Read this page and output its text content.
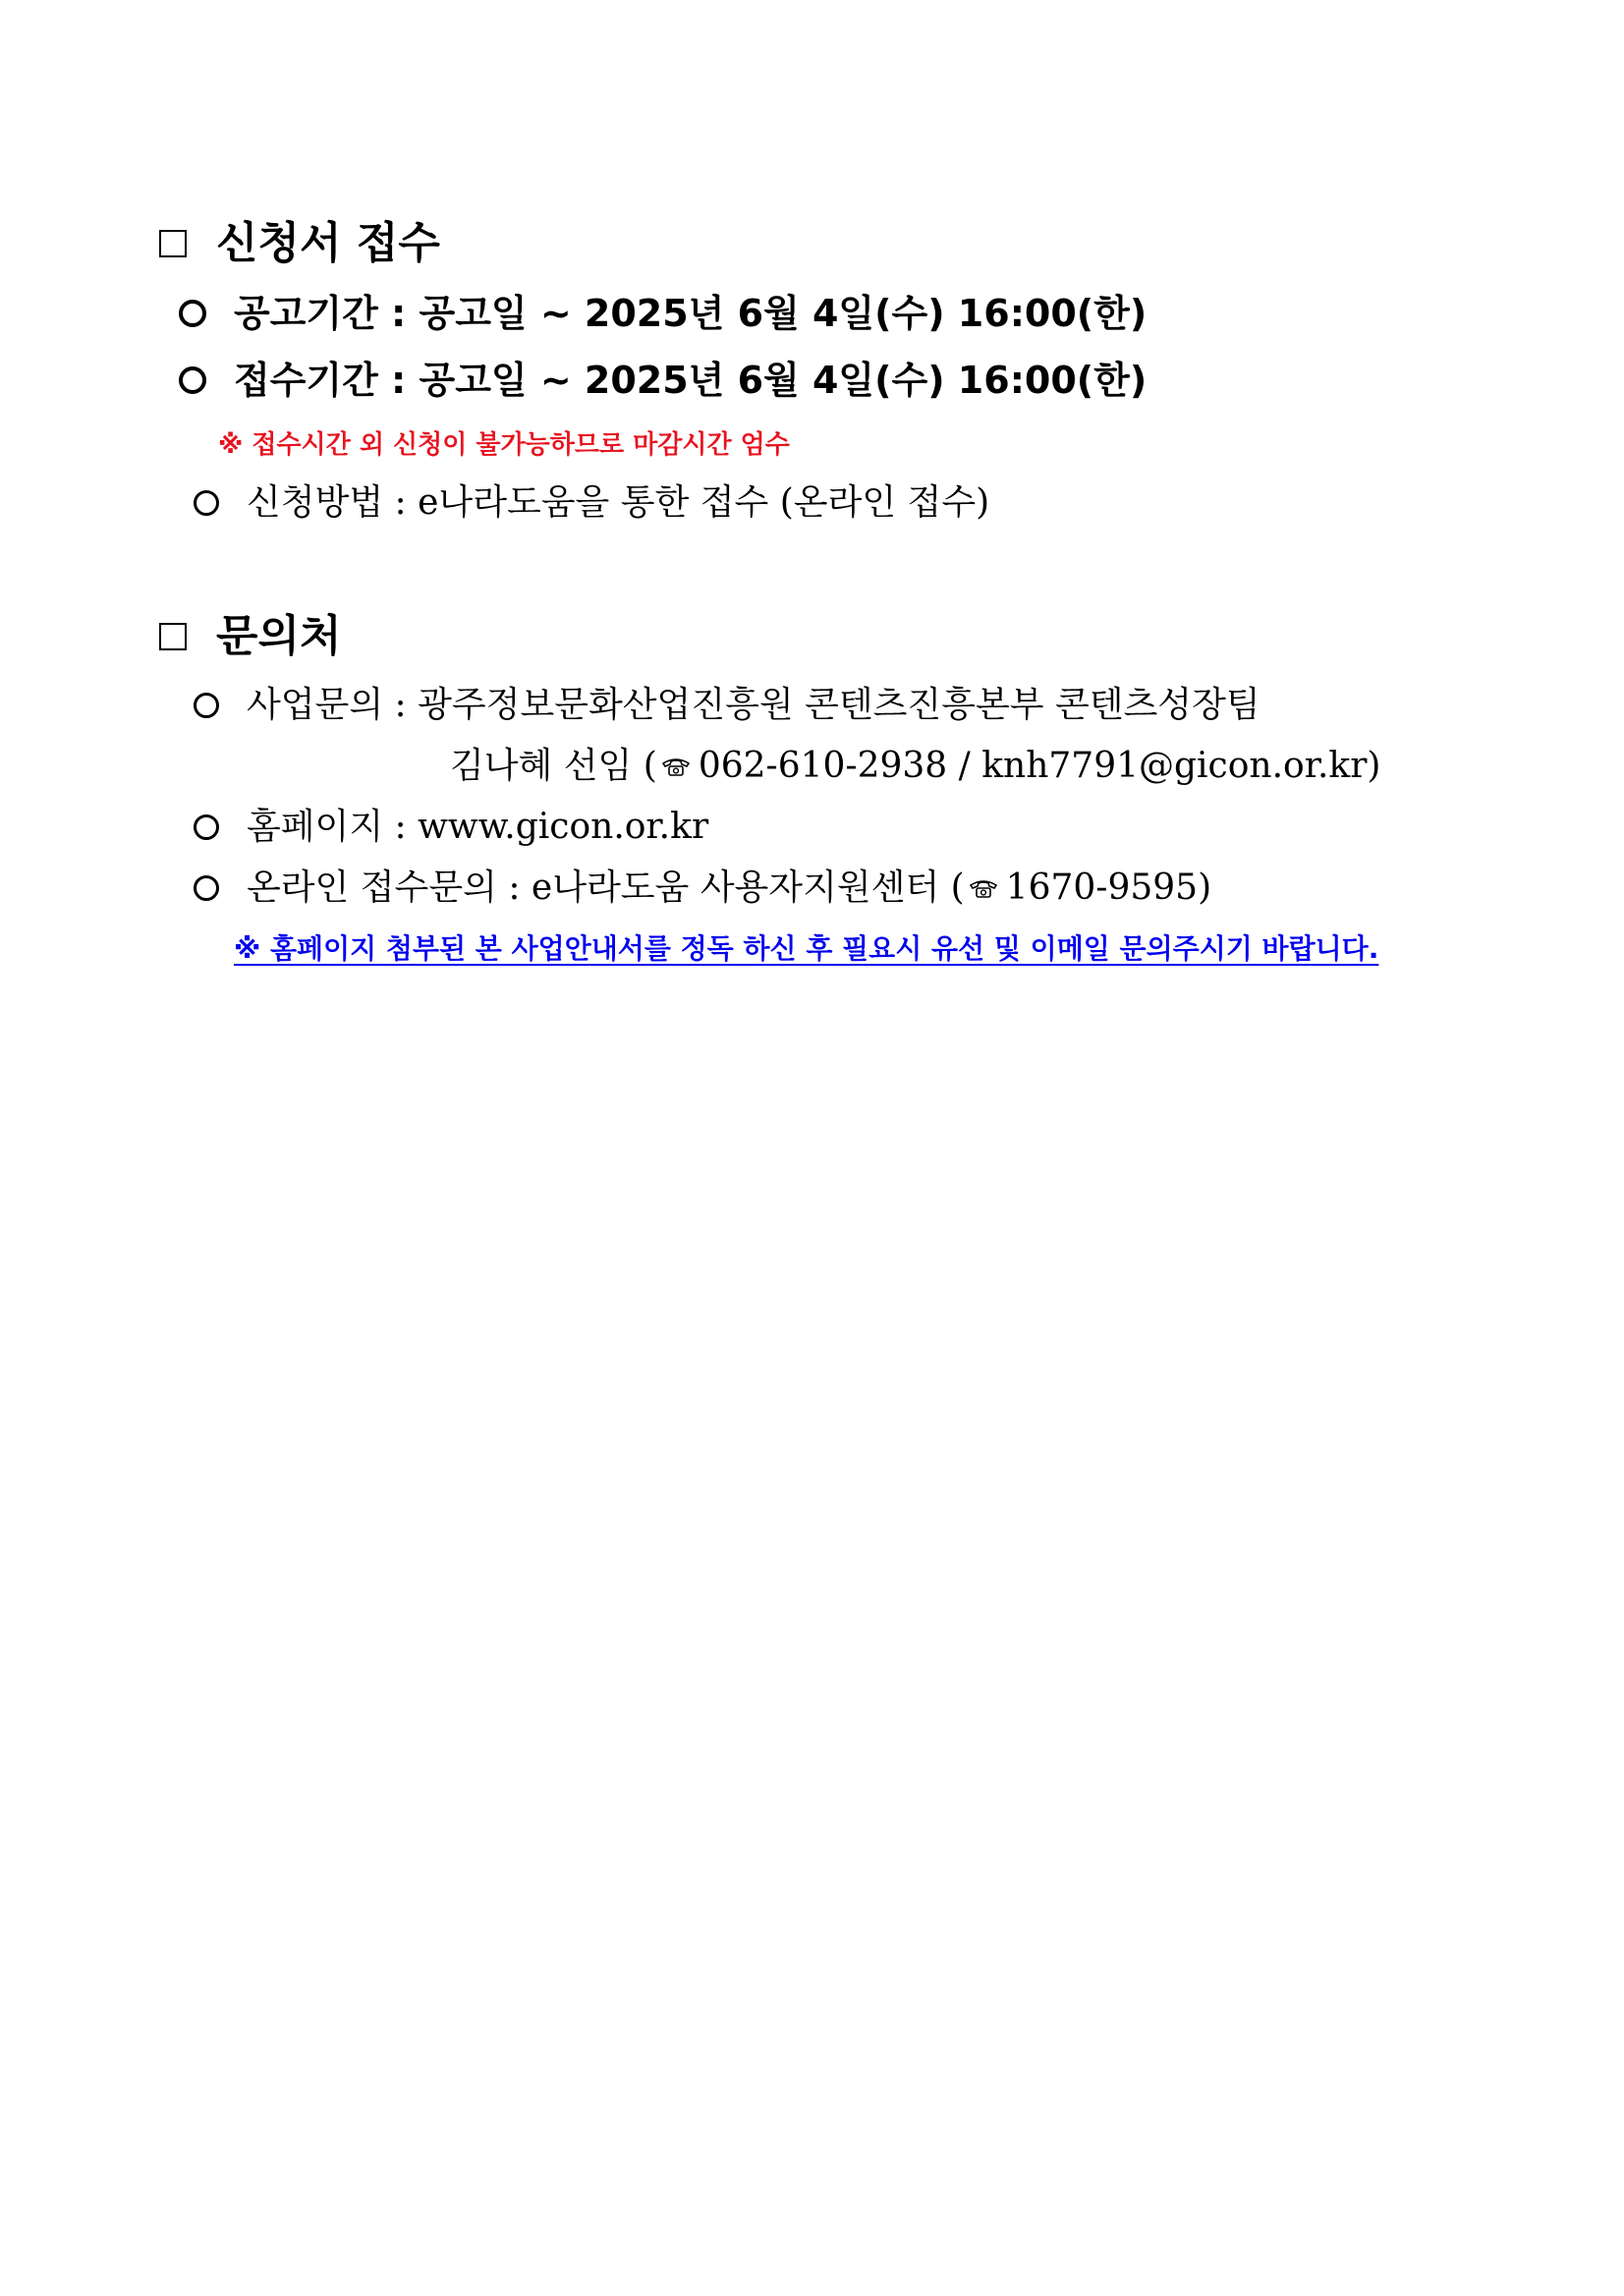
신청서 접수
공고기간 : 공고일 ~ 2025년 6월 4일(수) 16:00(한)
접수기간 : 공고일 ~ 2025년 6월 4일(수) 16:00(한)
※ 접수시간 외 신청이 불가능하므로 마감시간 엄수
신청방법 : e나라도움을 통한 접수 (온라인 접수)
문의처
사업문의 : 광주정보문화산업진흥원 콘텐츠진흥본부 콘텐츠성장팀
김나혜 선임 ( 062-610-2938 / knh7791@gicon.or.kr)
홈페이지 : www.gicon.or.kr
온라인 접수문의 : e나라도움 사용자지원센터 ( 1670-9595)
※ 홈페이지 첨부된 본 사업안내서를 정독 하신 후 필요시 유선 및 이메일 문의주시기 바랍니다.
